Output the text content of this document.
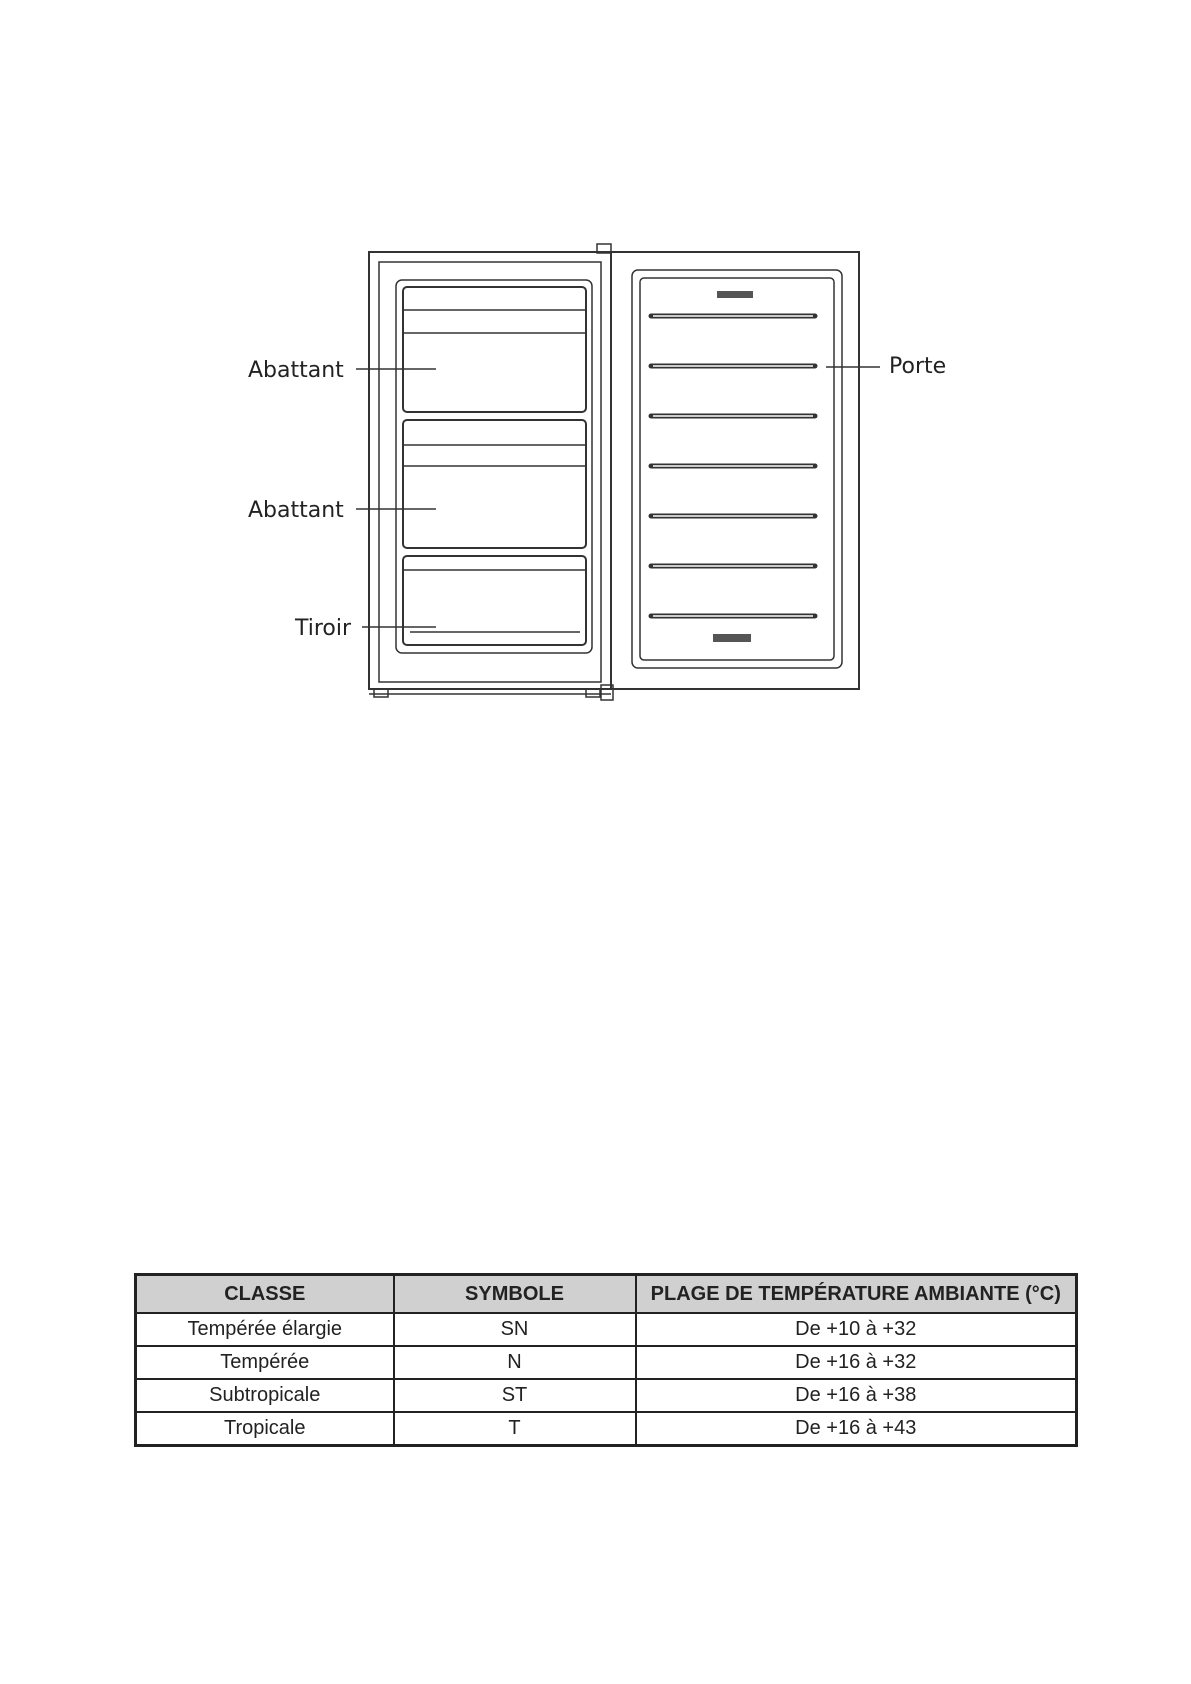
Abattant
Abattant
Tiroir
Porte
CLASSE	SYMBOLE	PLAGE DE TEMPÉRATURE AMBIANTE (°C)
Tempérée élargie	SN	De +10 à +32
Tempérée	N	De +16 à +32
Subtropicale	ST	De +16 à +38
Tropicale	T	De +16 à +43
